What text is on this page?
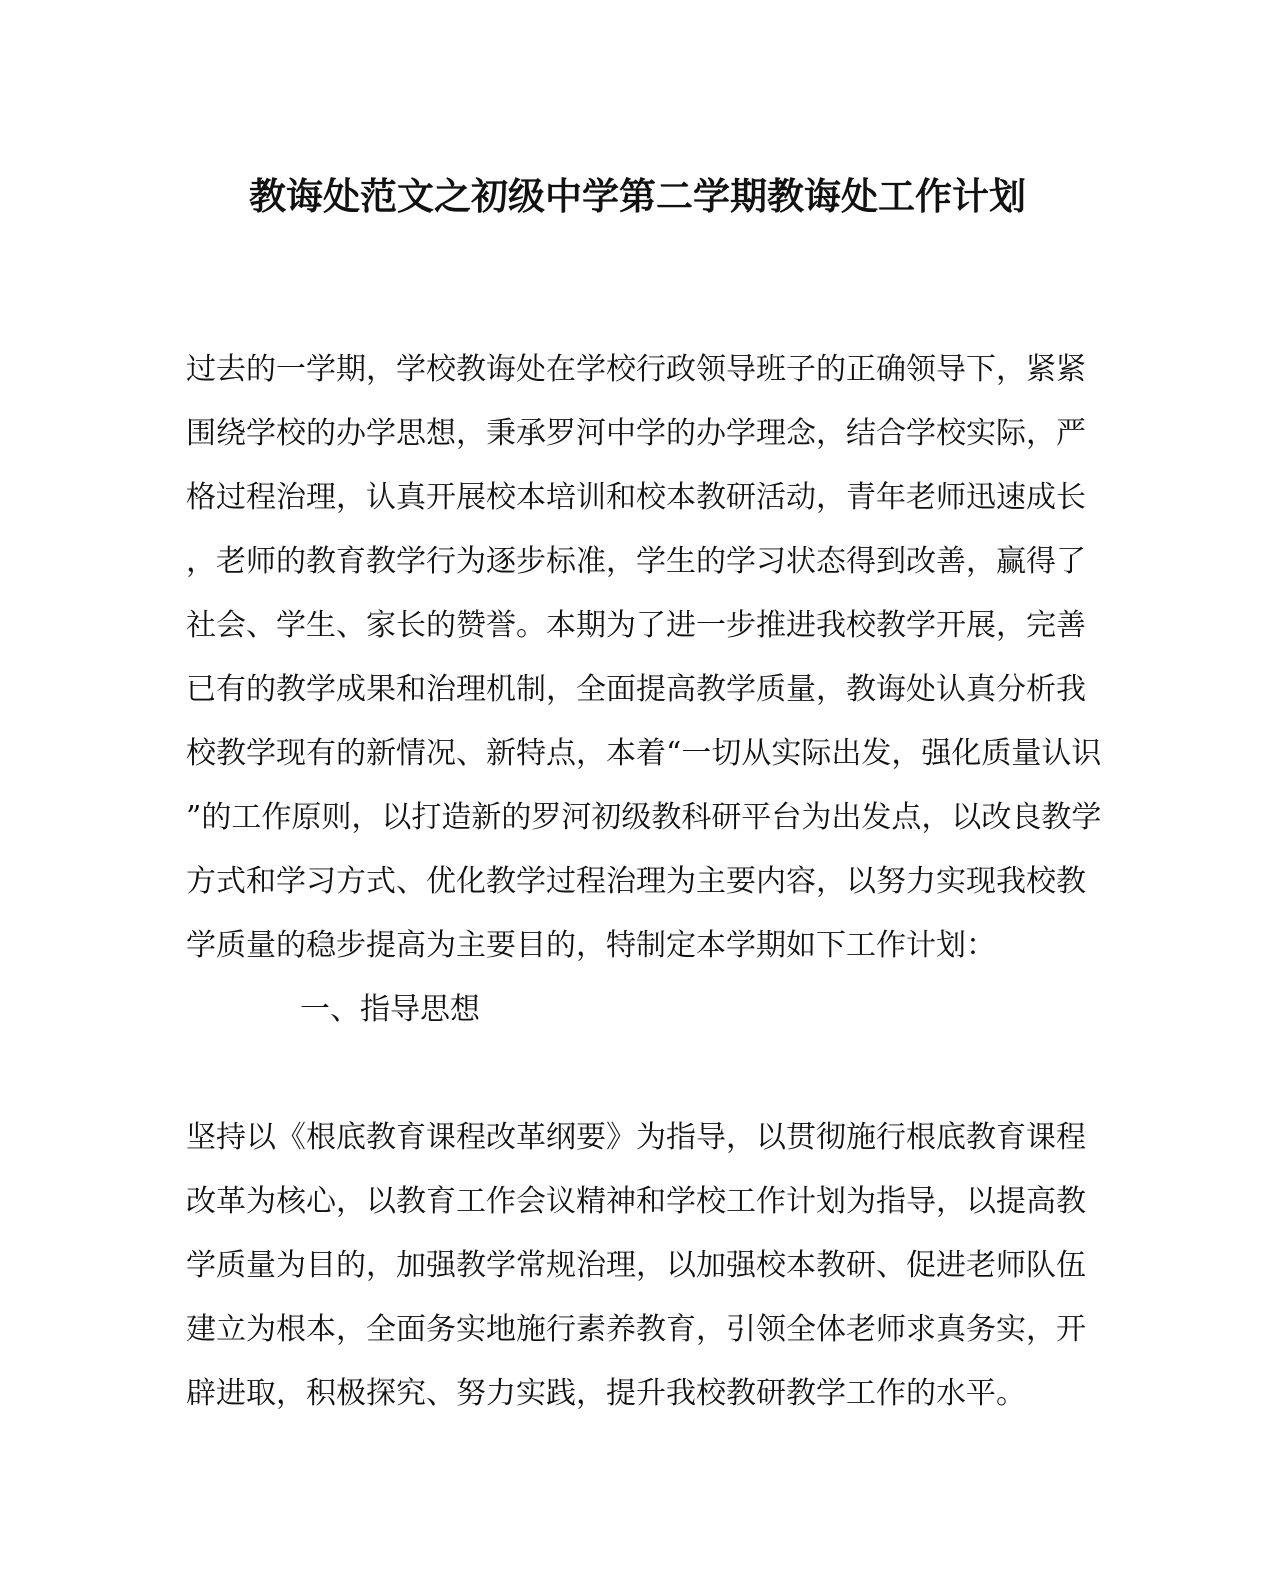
教诲处范文之初级中学第二学期教诲处工作计划
过去的一学期，学校教诲处在学校行政领导班子的正确领导下，紧紧
围绕学校的办学思想，秉承罗河中学的办学理念，结合学校实际，严
格过程治理，认真开展校本培训和校本教研活动，青年老师迅速成长
，老师的教育教学行为逐步标准，学生的学习状态得到改善，赢得了
社会、学生、家长的赞誉。本期为了进一步推进我校教学开展，完善
已有的教学成果和治理机制，全面提高教学质量，教诲处认真分析我
校教学现有的新情况、新特点，本着“一切从实际出发，强化质量认识
”的工作原则，以打造新的罗河初级教科研平台为出发点，以改良教学
方式和学习方式、优化教学过程治理为主要内容，以努力实现我校教
学质量的稳步提高为主要目的，特制定本学期如下工作计划：
一、指导思想
坚持以《根底教育课程改革纲要》为指导，以贯彻施行根底教育课程
改革为核心，以教育工作会议精神和学校工作计划为指导，以提高教
学质量为目的，加强教学常规治理，以加强校本教研、促进老师队伍
建立为根本，全面务实地施行素养教育，引领全体老师求真务实，开
辟进取，积极探究、努力实践，提升我校教研教学工作的水平。
